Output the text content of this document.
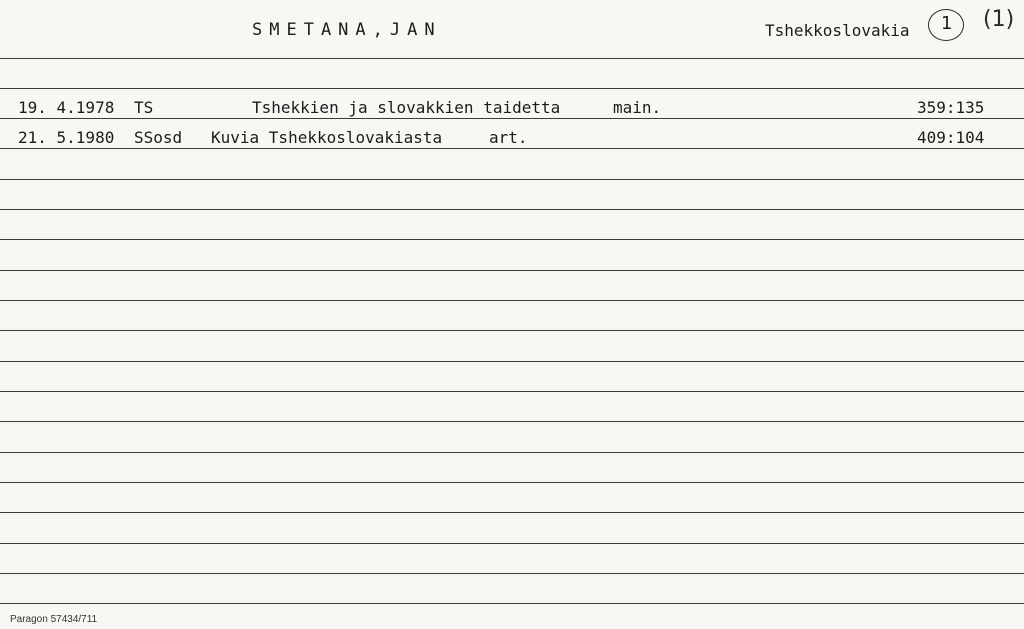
SMETANA,JAN	Tshekkoslovakia 1 (1)
19. 4.1978 TS	Tshekkien ja slovakkien taidetta	main.	359:135
21. 5.1980 SSosd Kuvia Tshekkoslovakiasta	art.	409:104
Paragon 57434/711
